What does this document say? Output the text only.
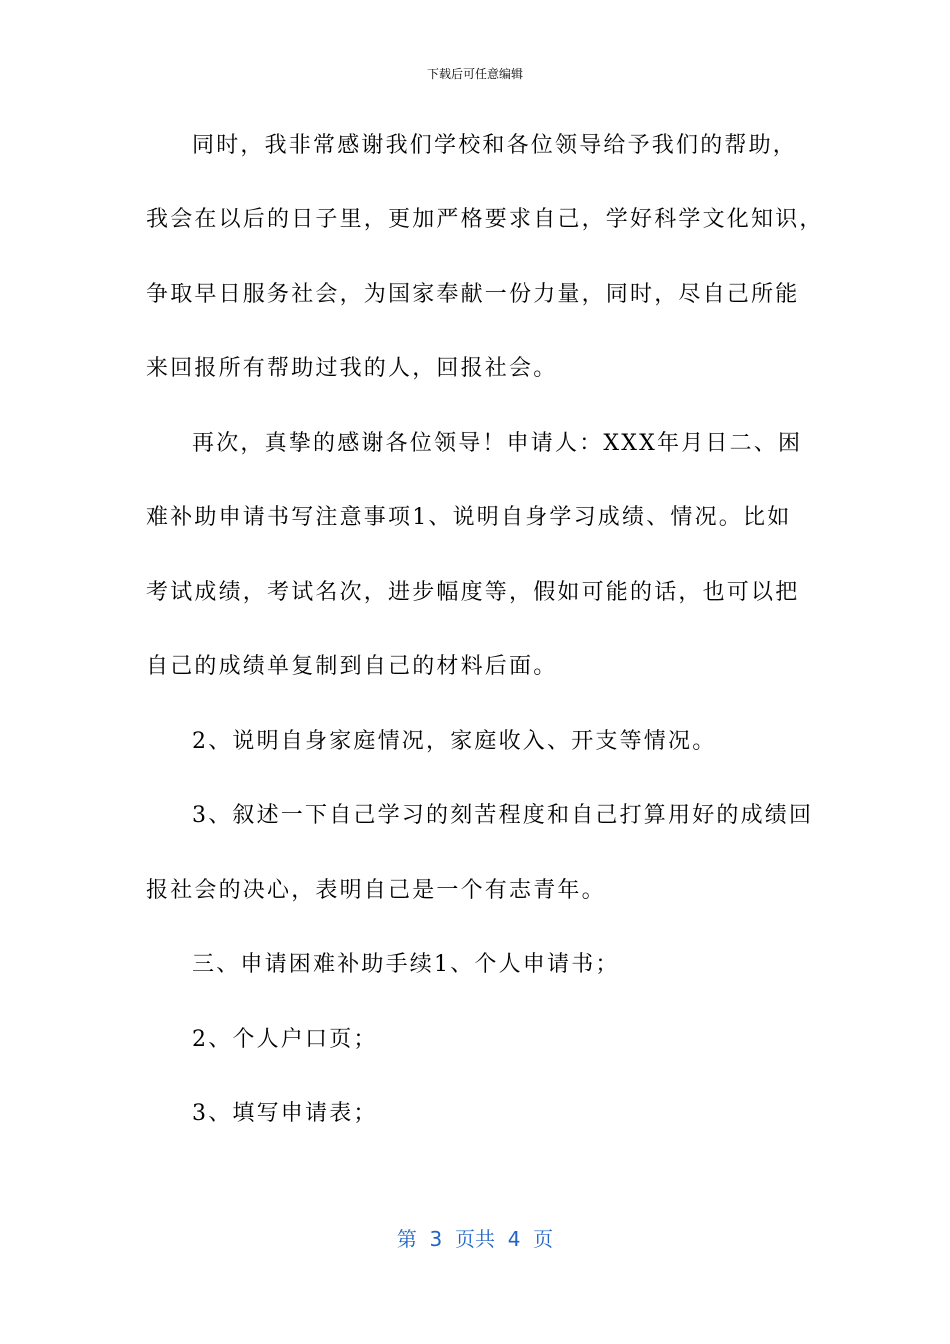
下载后可任意编辑
同时，我非常感谢我们学校和各位领导给予我们的帮助，
我会在以后的日子里，更加严格要求自己，学好科学文化知识，
争取早日服务社会，为国家奉献一份力量，同时，尽自己所能
来回报所有帮助过我的人，回报社会。
再次，真挚的感谢各位领导！申请人：XXX年月日二、困
难补助申请书写注意事项1、说明自身学习成绩、情况。比如
考试成绩，考试名次，进步幅度等，假如可能的话，也可以把
自己的成绩单复制到自己的材料后面。
2、说明自身家庭情况，家庭收入、开支等情况。
3、叙述一下自己学习的刻苦程度和自己打算用好的成绩回
报社会的决心，表明自己是一个有志青年。
三、申请困难补助手续1、个人申请书；
2、个人户口页；
3、填写申请表；
第  3  页共  4  页
